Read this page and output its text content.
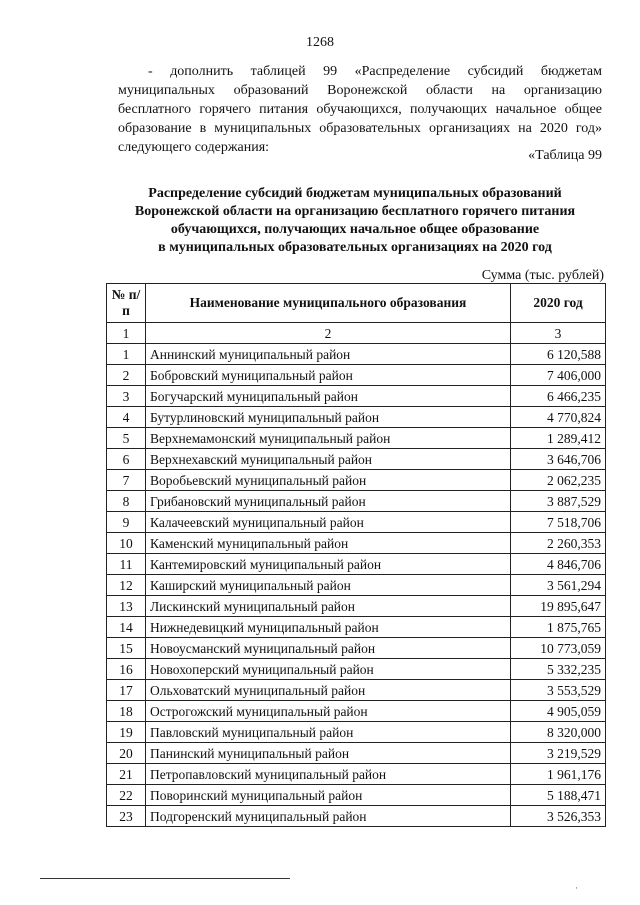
1268

- дополнить таблицей 99 «Распределение субсидий бюджетам муниципальных образований Воронежской области на организацию бесплатного горячего питания обучающихся, получающих начальное общее образование в муниципальных образовательных организациях на 2020 год» следующего содержания:

«Таблица 99
Распределение субсидий бюджетам муниципальных образований
Воронежской области на организацию бесплатного горячего питания
обучающихся, получающих начальное общее образование
в муниципальных образовательных организациях на 2020 год
Сумма (тыс. рублей)
№ п/п	Наименование муниципального образования	2020 год
1	2	3
1	Аннинский муниципальный район	6 120,588
2	Бобровский муниципальный район	7 406,000
3	Богучарский муниципальный район	6 466,235
4	Бутурлиновский муниципальный район	4 770,824
5	Верхнемамонский муниципальный район	1 289,412
6	Верхнехавский муниципальный район	3 646,706
7	Воробьевский муниципальный район	2 062,235
8	Грибановский муниципальный район	3 887,529
9	Калачеевский муниципальный район	7 518,706
10	Каменский муниципальный район	2 260,353
11	Кантемировский муниципальный район	4 846,706
12	Каширский муниципальный район	3 561,294
13	Лискинский муниципальный район	19 895,647
14	Нижнедевицкий муниципальный район	1 875,765
15	Новоусманский муниципальный район	10 773,059
16	Новохоперский муниципальный район	5 332,235
17	Ольховатский муниципальный район	3 553,529
18	Острогожский муниципальный район	4 905,059
19	Павловский муниципальный район	8 320,000
20	Панинский муниципальный район	3 219,529
21	Петропавловский муниципальный район	1 961,176
22	Поворинский муниципальный район	5 188,471
23	Подгоренский муниципальный район	3 526,353
·
